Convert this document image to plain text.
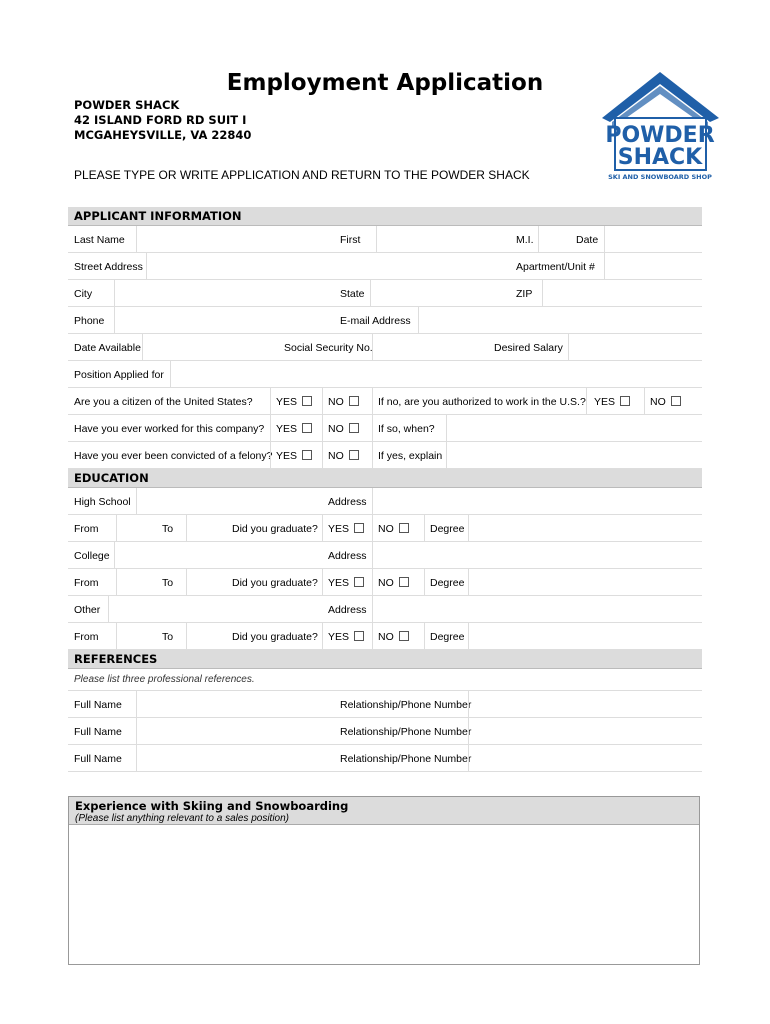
Employment Application
POWDER SHACK
42 ISLAND FORD RD SUIT I
MCGAHEYSVILLE, VA 22840
PLEASE TYPE OR WRITE APPLICATION AND RETURN TO THE POWDER SHACK
POWDER
SHACK
SKI AND SNOWBOARD SHOP
APPLICANT INFORMATION
Last Name	First	M.I.	Date
Street Address	Apartment/Unit #
City	State	ZIP
Phone	E-mail Address
Date Available	Social Security No.	Desired Salary
Position Applied for
Are you a citizen of the United States? YES	NO	If no, are you authorized to work in the U.S.? YES	NO
Have you ever worked for this company? YES	NO	If so, when?
Have you ever been convicted of a felony? YES	NO	If yes, explain
EDUCATION
High School	Address
From	To	Did you graduate? YES	NO	Degree
College	Address
From	To	Did you graduate? YES	NO	Degree
Other	Address
From	To	Did you graduate? YES	NO	Degree
REFERENCES
Please list three professional references.
Full Name	Relationship/Phone Number
Full Name	Relationship/Phone Number
Full Name	Relationship/Phone Number
Experience with Skiing and Snowboarding
(Please list anything relevant to a sales position)
